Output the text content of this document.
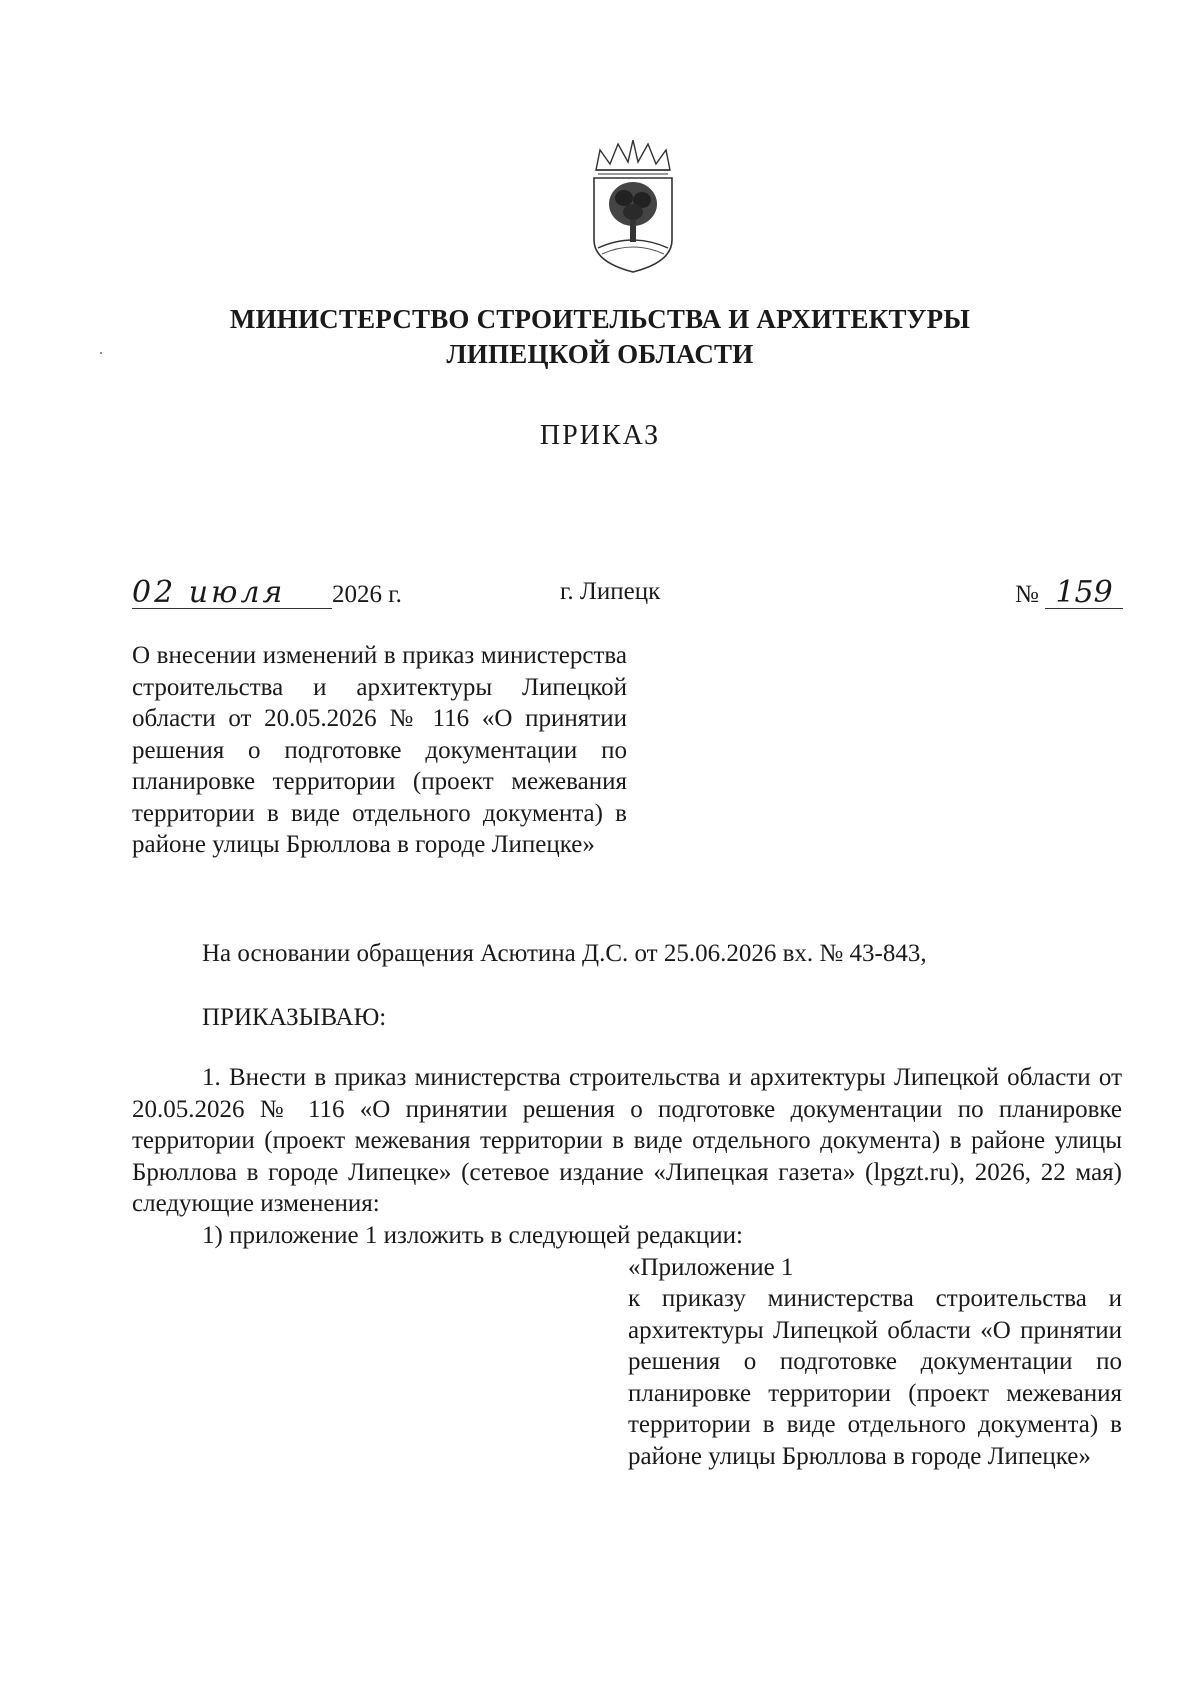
МИНИСТЕРСТВО СТРОИТЕЛЬСТВА И АРХИТЕКТУРЫ
ЛИПЕЦКОЙ ОБЛАСТИ
ПРИКАЗ
02 июля 2026 г.	г. Липецк	№ 159
О внесении изменений в приказ министерства строительства и архитектуры Липецкой области от 20.05.2026 № 116 «О принятии решения о подготовке документации по планировке территории (проект межевания территории в виде отдельного документа) в районе улицы Брюллова в городе Липецке»
На основании обращения Асютина Д.С. от 25.06.2026 вх. № 43-843,
ПРИКАЗЫВАЮ:
1. Внести в приказ министерства строительства и архитектуры Липецкой области от 20.05.2026 № 116 «О принятии решения о подготовке документации по планировке территории (проект межевания территории в виде отдельного документа) в районе улицы Брюллова в городе Липецке» (сетевое издание «Липецкая газета» (lpgzt.ru), 2026, 22 мая) следующие изменения:
1) приложение 1 изложить в следующей редакции:
«Приложение 1
к приказу министерства строительства и архитектуры Липецкой области «О принятии решения о подготовке документации по планировке территории (проект межевания территории в виде отдельного документа) в районе улицы Брюллова в городе Липецке»
